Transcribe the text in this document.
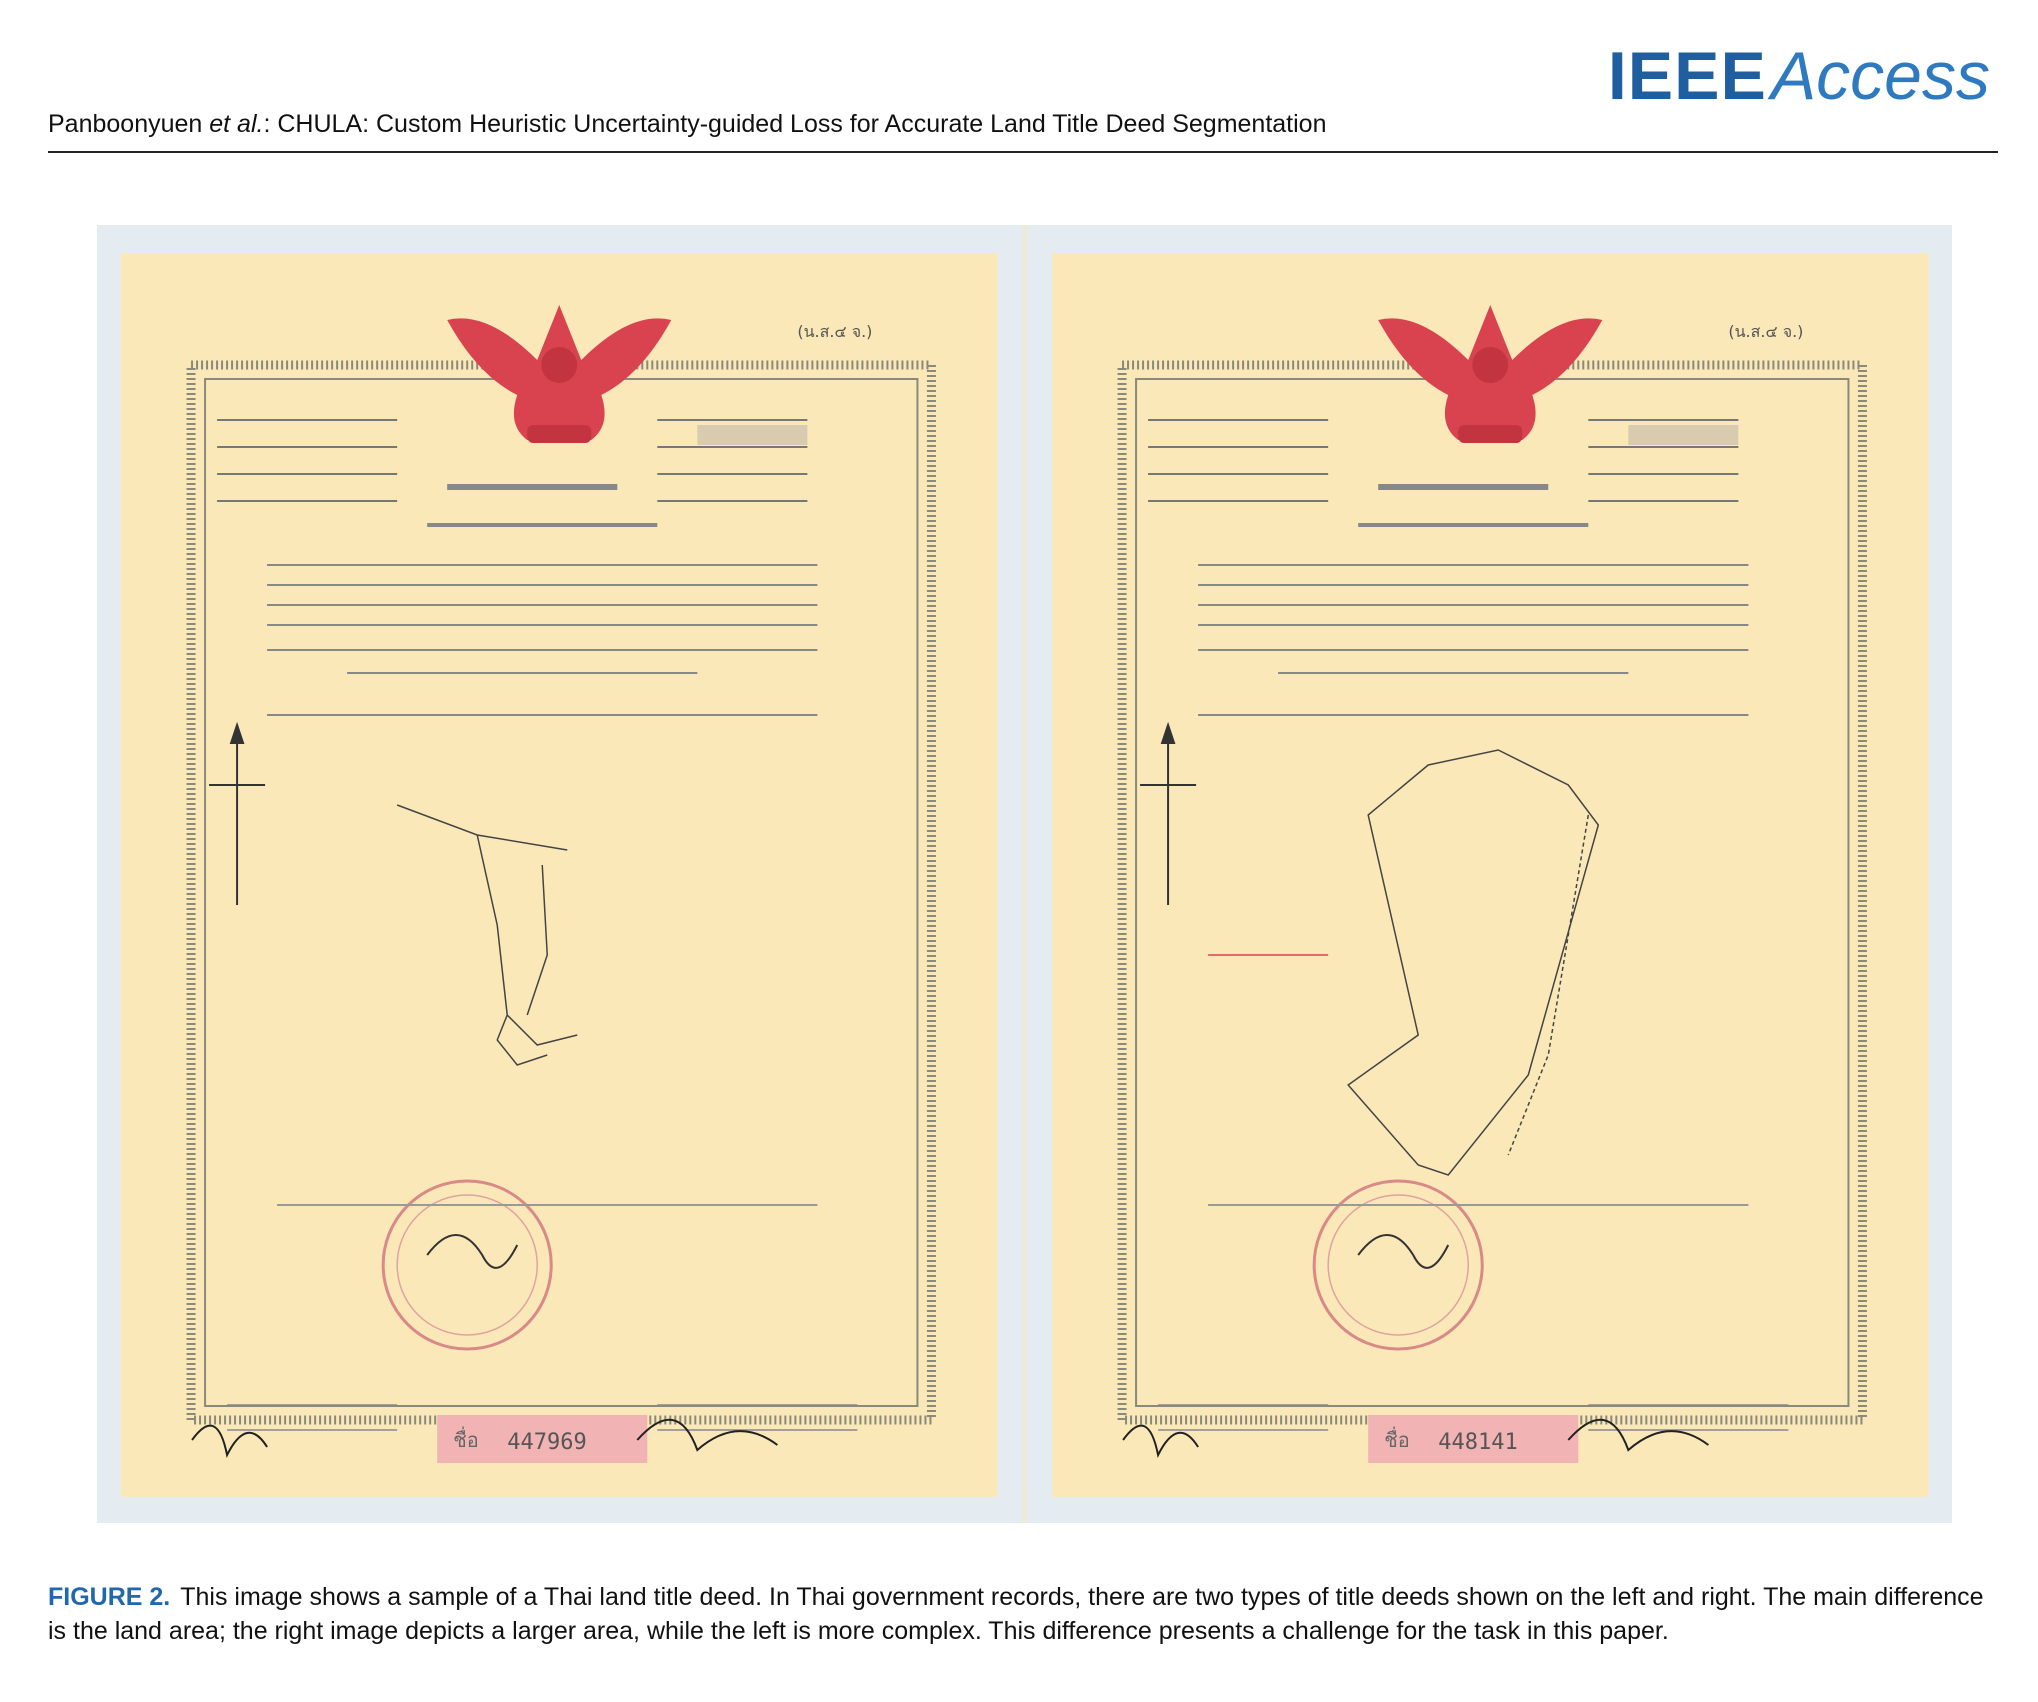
IEEEAccess
Panboonyuen et al.: CHULA: Custom Heuristic Uncertainty-guided Loss for Accurate Land Title Deed Segmentation
(น.ส.๔ จ.)
ชื่อ 447969
(น.ส.๔ จ.)
ชื่อ 448141
FIGURE 2. This image shows a sample of a Thai land title deed. In Thai government records, there are two types of title deeds shown on the left and right. The main difference is the land area; the right image depicts a larger area, while the left is more complex. This difference presents a challenge for the task in this paper.
